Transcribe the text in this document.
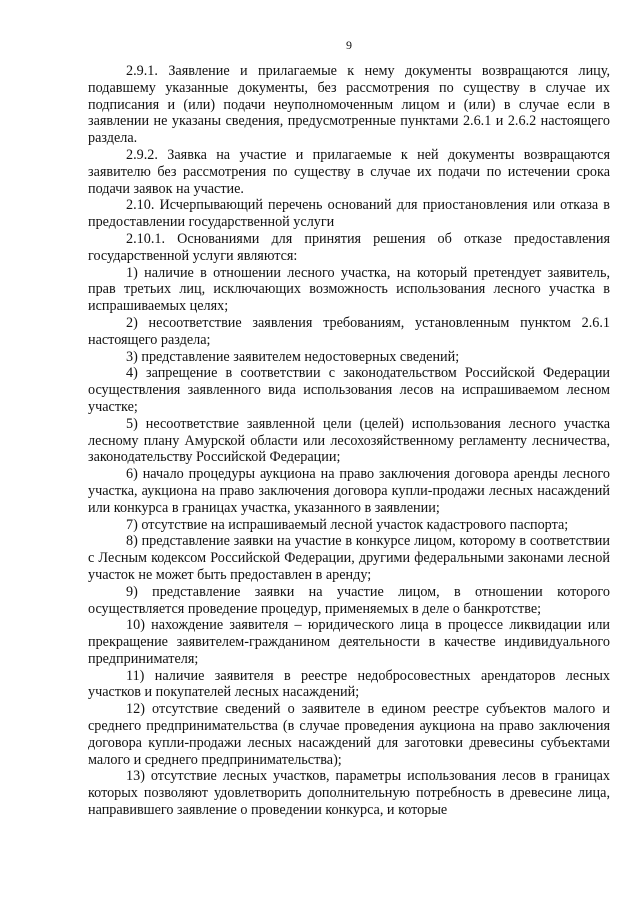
9

2.9.1. Заявление и прилагаемые к нему документы возвращаются лицу, подавшему указанные документы, без рассмотрения по существу в случае их подписания и (или) подачи неуполномоченным лицом и (или) в случае если в заявлении не указаны сведения, предусмотренные пунктами 2.6.1 и 2.6.2 настоящего раздела.

2.9.2. Заявка на участие и прилагаемые к ней документы возвращаются заявителю без рассмотрения по существу в случае их подачи по истечении срока подачи заявок на участие.

2.10. Исчерпывающий перечень оснований для приостановления или отказа в предоставлении государственной услуги

2.10.1. Основаниями для принятия решения об отказе предоставления государственной услуги являются:

1) наличие в отношении лесного участка, на который претендует заявитель, прав третьих лиц, исключающих возможность использования лесного участка в испрашиваемых целях;

2) несоответствие заявления требованиям, установленным пунктом 2.6.1 настоящего раздела;

3) представление заявителем недостоверных сведений;

4) запрещение в соответствии с законодательством Российской Федерации осуществления заявленного вида использования лесов на испрашиваемом лесном участке;

5) несоответствие заявленной цели (целей) использования лесного участка лесному плану Амурской области или лесохозяйственному регламенту лесничества, законодательству Российской Федерации;

6) начало процедуры аукциона на право заключения договора аренды лесного участка, аукциона на право заключения договора купли-продажи лесных насаждений или конкурса в границах участка, указанного в заявлении;

7) отсутствие на испрашиваемый лесной участок кадастрового паспорта;

8) представление заявки на участие в конкурсе лицом, которому в соответствии с Лесным кодексом Российской Федерации, другими федеральными законами лесной участок не может быть предоставлен в аренду;

9) представление заявки на участие лицом, в отношении которого осуществляется проведение процедур, применяемых в деле о банкротстве;

10) нахождение заявителя – юридического лица в процессе ликвидации или прекращение заявителем-гражданином деятельности в качестве индивидуального предпринимателя;

11) наличие заявителя в реестре недобросовестных арендаторов лесных участков и покупателей лесных насаждений;

12) отсутствие сведений о заявителе в едином реестре субъектов малого и среднего предпринимательства (в случае проведения аукциона на право заключения договора купли-продажи лесных насаждений для заготовки древесины субъектами малого и среднего предпринимательства);

13) отсутствие лесных участков, параметры использования лесов в границах которых позволяют удовлетворить дополнительную потребность в древесине лица, направившего заявление о проведении конкурса, и которые
